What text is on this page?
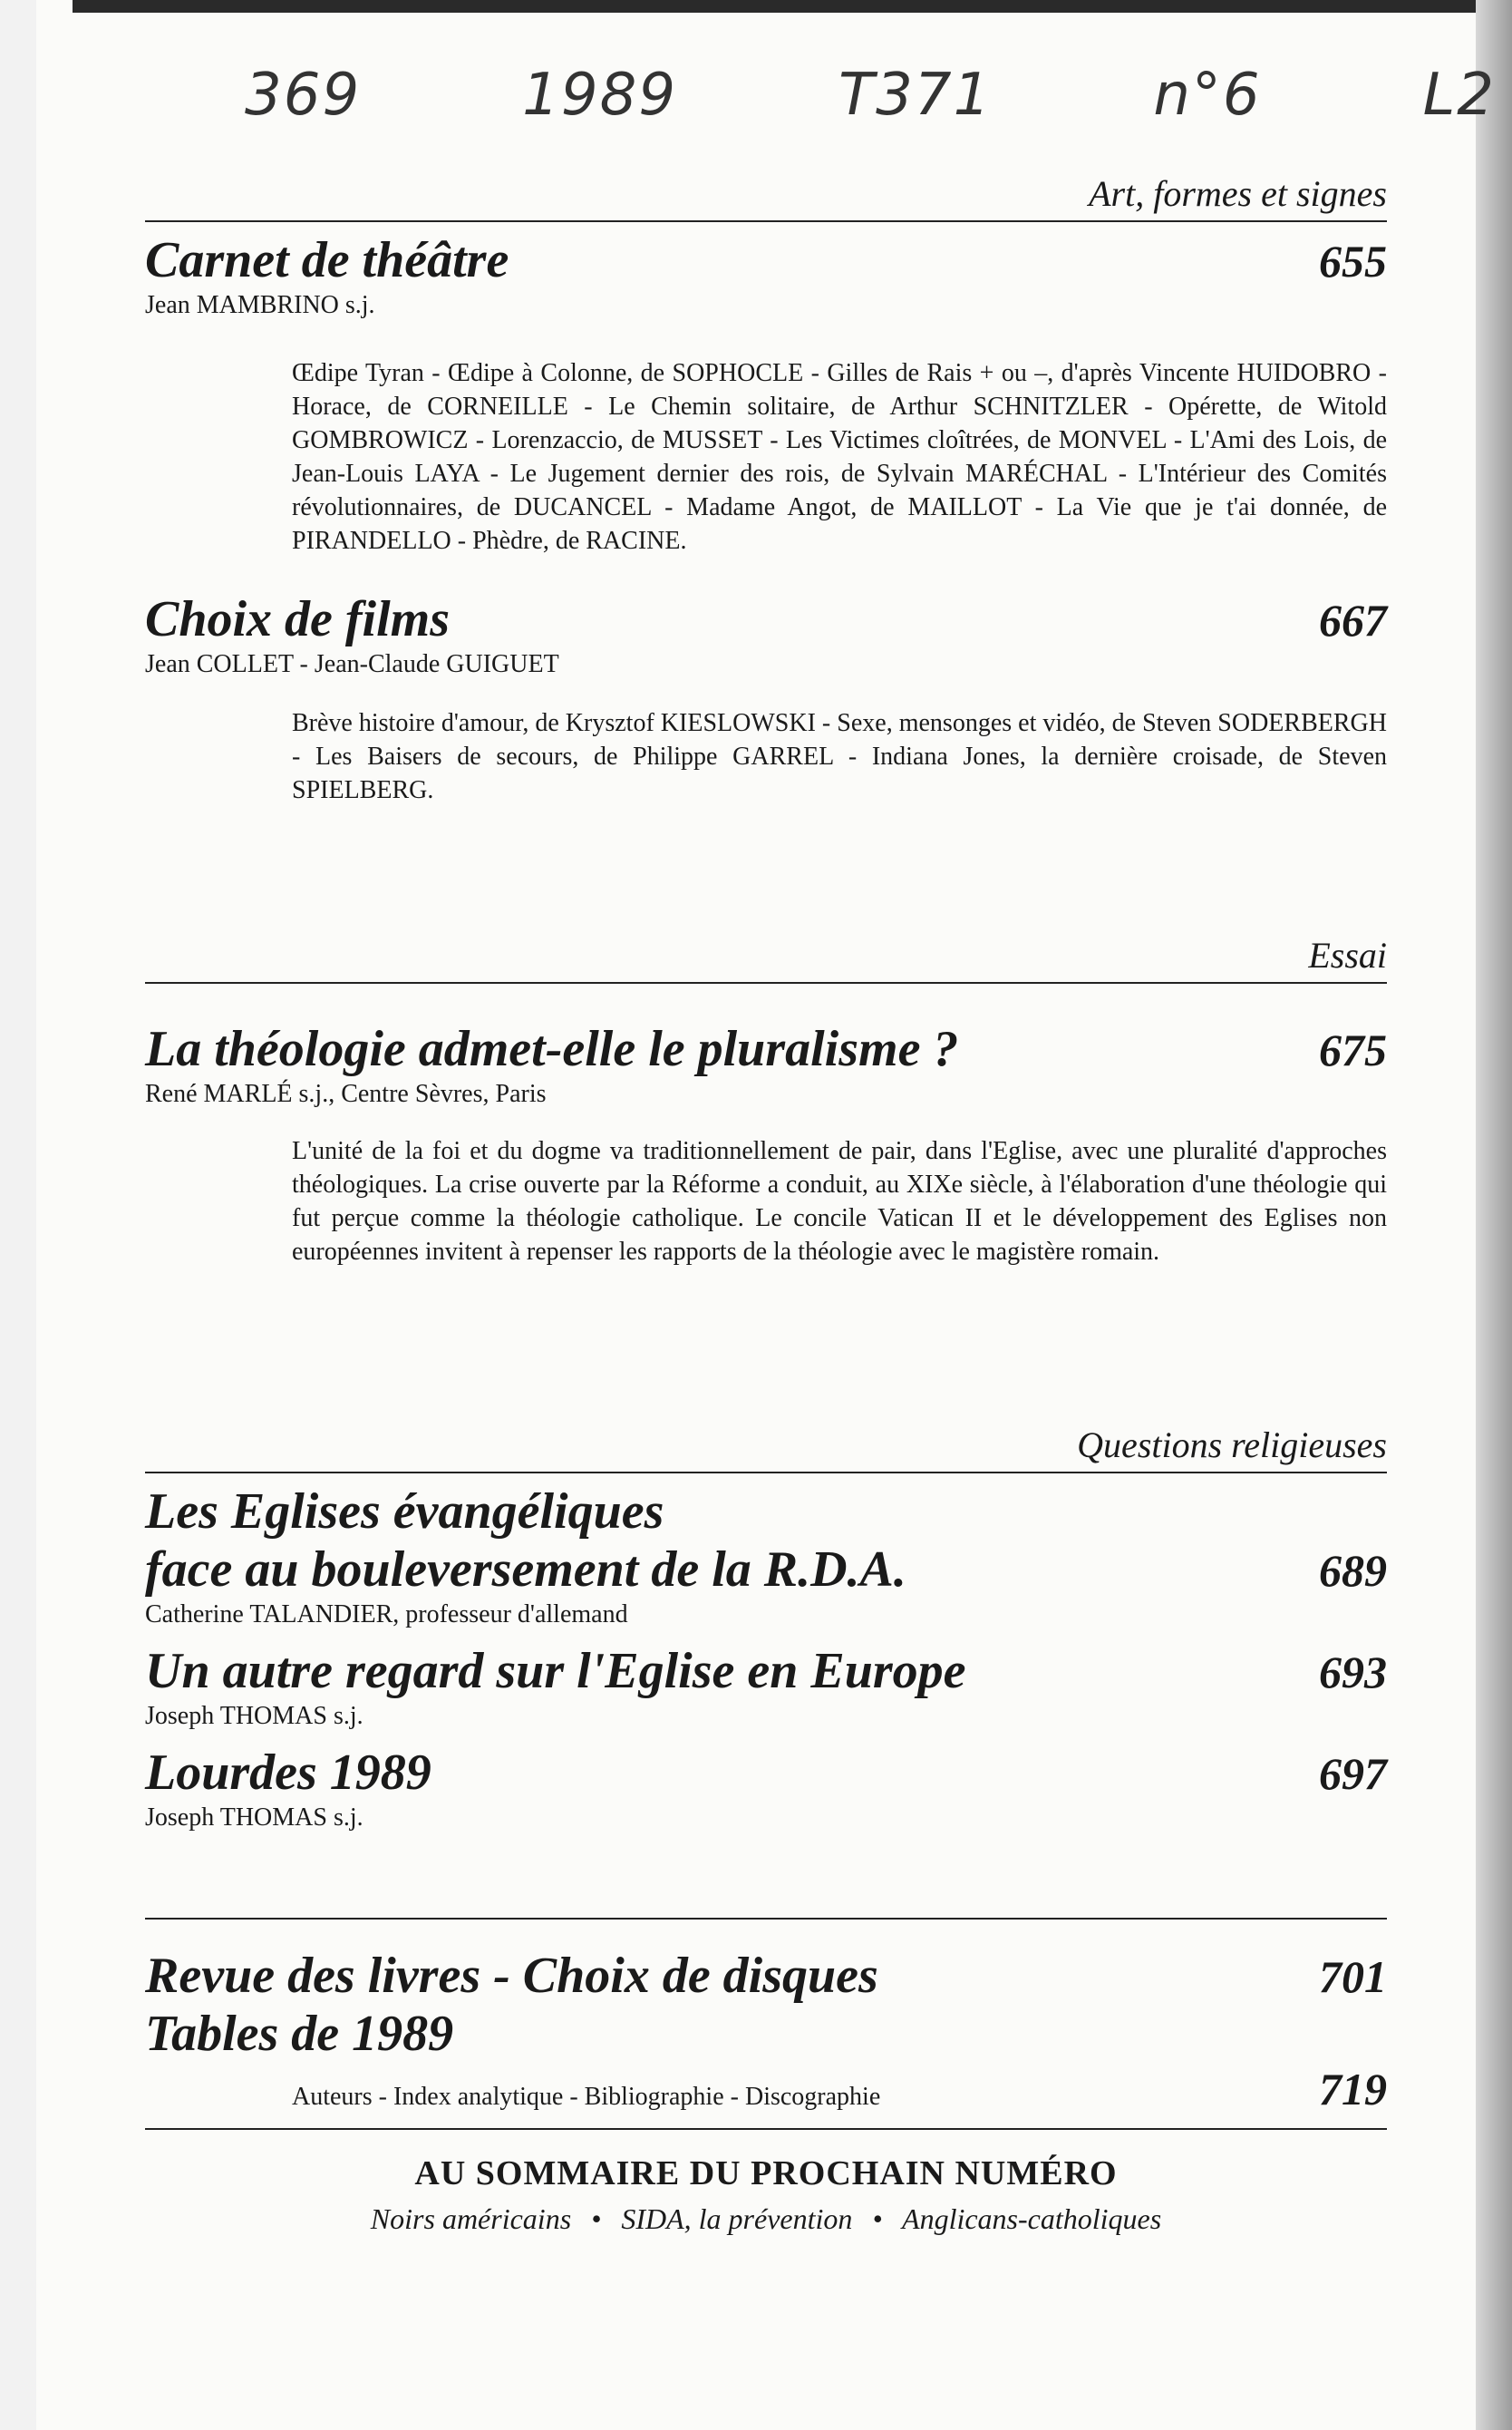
369	1989	T371	n°6	L2
Art, formes et signes
Carnet de théâtre	655
Jean MAMBRINO s.j.
Œdipe Tyran - Œdipe à Colonne, de SOPHOCLE - Gilles de Rais + ou –, d'après Vincente HUIDOBRO - Horace, de CORNEILLE - Le Chemin solitaire, de Arthur SCHNITZLER - Opérette, de Witold GOMBROWICZ - Lorenzaccio, de MUSSET - Les Victimes cloîtrées, de MONVEL - L'Ami des Lois, de Jean-Louis LAYA - Le Jugement dernier des rois, de Sylvain MARÉCHAL - L'Intérieur des Comités révolutionnaires, de DUCANCEL - Madame Angot, de MAILLOT - La Vie que je t'ai donnée, de PIRANDELLO - Phèdre, de RACINE.
Choix de films	667
Jean COLLET - Jean-Claude GUIGUET
Brève histoire d'amour, de Krysztof KIESLOWSKI - Sexe, mensonges et vidéo, de Steven SODERBERGH - Les Baisers de secours, de Philippe GARREL - Indiana Jones, la dernière croisade, de Steven SPIELBERG.
Essai
La théologie admet-elle le pluralisme ?	675
René MARLÉ s.j., Centre Sèvres, Paris
L'unité de la foi et du dogme va traditionnellement de pair, dans l'Eglise, avec une pluralité d'approches théologiques. La crise ouverte par la Réforme a conduit, au XIXe siècle, à l'élaboration d'une théologie qui fut perçue comme la théologie catholique. Le concile Vatican II et le développement des Eglises non européennes invitent à repenser les rapports de la théologie avec le magistère romain.
Questions religieuses
Les Eglises évangéliques
face au bouleversement de la R.D.A.	689
Catherine TALANDIER, professeur d'allemand
Un autre regard sur l'Eglise en Europe	693
Joseph THOMAS s.j.
Lourdes 1989	697
Joseph THOMAS s.j.
Revue des livres - Choix de disques	701
Tables de 1989
Auteurs - Index analytique - Bibliographie - Discographie	719
AU SOMMAIRE DU PROCHAIN NUMÉRO
Noirs américains • SIDA, la prévention • Anglicans-catholiques
